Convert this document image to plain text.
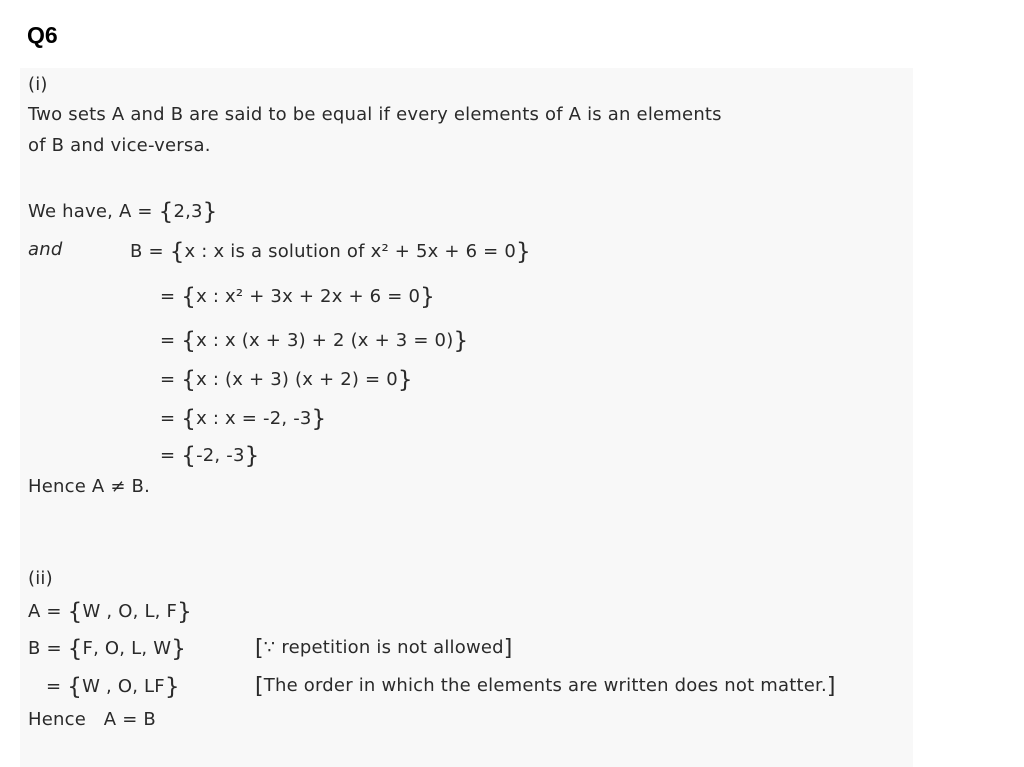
Q6
(i)
Two sets A and B are said to be equal if every elements of A is an elements
of B and vice-versa.
We have, A = {2,3}
and	B = {x : x is a solution of x² + 5x + 6 = 0}
= {x : x² + 3x + 2x + 6 = 0}
= {x : x (x + 3) + 2 (x + 3 = 0)}
= {x : (x + 3) (x + 2) = 0}
= {x : x = -2, -3}
= {-2, -3}
Hence A ≠ B.
(ii)
A = {W , O, L, F}
B = {F, O, L, W}	[∵ repetition is not allowed]
= {W , O, LF}	[The order in which the elements are written does not matter.]
Hence   A = B
